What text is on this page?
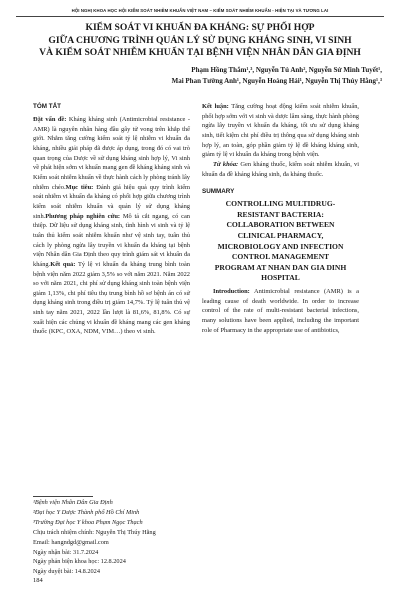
HỘI NGHỊ KHOA HỌC HỘI KIỂM SOÁT NHIỄM KHUẨN VIỆT NAM – KIỂM SOÁT NHIỄM KHUẨN - HIỆN TẠI VÀ TƯƠNG LAI
KIỂM SOÁT VI KHUẨN ĐA KHÁNG: SỰ PHỐI HỢP
GIỮA CHƯƠNG TRÌNH QUẢN LÝ SỬ DỤNG KHÁNG SINH, VI SINH
VÀ KIỂM SOÁT NHIỄM KHUẨN TẠI BỆNH VIỆN NHÂN DÂN GIA ĐỊNH
Phạm Hồng Thắm¹,³, Nguyễn Tú Anh², Nguyễn Sử Minh Tuyết¹,
Mai Phan Tường Anh¹, Nguyễn Hoàng Hải¹, Nguyễn Thị Thúy Hằng¹,³
TÓM TẮT

Đặt vấn đề: Kháng kháng sinh (Antimicrobial resistance - AMR) là nguyên nhân hàng đầu gây tử vong trên khắp thế giới. Nhằm tăng cường kiểm soát tỷ lệ nhiễm vi khuẩn đa kháng, nhiều giải pháp đã được áp dụng, trong đó có vai trò quan trọng của Dược về sử dụng kháng sinh hợp lý, Vi sinh về phát hiện sớm vi khuẩn mang gen đề kháng kháng sinh và Kiểm soát nhiễm khuẩn về thực hành cách ly phòng tránh lây nhiễm chéo.Mục tiêu: Đánh giá hiệu quả quy trình kiểm soát nhiễm vi khuẩn đa kháng có phối hợp giữa chương trình kiểm soát nhiễm khuẩn và quản lý sử dụng kháng sinh.Phương pháp nghiên cứu: Mô tả cắt ngang, có can thiệp. Dữ liệu sử dụng kháng sinh, tình hình vi sinh và tỷ lệ tuân thủ kiểm soát nhiễm khuẩn như vệ sinh tay, tuân thủ cách ly phòng ngừa lây truyền vi khuẩn đa kháng tại bệnh viện Nhân dân Gia Định theo quy trình giám sát vi khuẩn đa kháng.Kết quả: Tỷ lệ vi khuẩn đa kháng trung bình toàn bệnh viện năm 2022 giảm 3,5% so với năm 2021. Năm 2022 so với năm 2021, chi phí sử dụng kháng sinh toàn bệnh viện giảm 1,13%, chi phí tiêu thụ trung bình hồ sơ bệnh án có sử dụng kháng sinh trong điều trị giảm 14,7%. Tỷ lệ tuân thủ vệ sinh tay năm 2021, 2022 lần lượt là 81,6%, 81,8%. Có sự xuất hiện các chủng vi khuẩn đề kháng mang các gen kháng thuốc (KPC, OXA, NDM, VIM…) theo vi sinh.

Kết luận: Tăng cường hoạt động kiểm soát nhiễm khuẩn, phối hợp sớm với vi sinh và dược lâm sàng, thực hành phòng ngừa lây truyền vi khuẩn đa kháng, tối ưu sử dụng kháng sinh, tiết kiệm chi phí điều trị thông qua sử dụng kháng sinh hợp lý, an toàn, góp phần giảm tỷ lệ đề kháng kháng sinh, giảm tỷ lệ vi khuẩn đa kháng trong bệnh viện.

Từ khóa: Gen kháng thuốc, kiểm soát nhiễm khuẩn, vi khuẩn đa đề kháng kháng sinh, đa kháng thuốc.

SUMMARY
CONTROLLING MULTIDRUG-
RESISTANT BACTERIA:
COLLABORATION BETWEEN
CLINICAL PHARMACY,
MICROBIOLOGY AND INFECTION
CONTROL MANAGEMENT
PROGRAM AT NHAN DAN GIA DINH
HOSPITAL

Introduction: Antimicrobial resistance (AMR) is a leading cause of death worldwide. In order to increase control of the rate of multi-resistant bacterial infections, many solutions have been applied, including the important role of Pharmacy in the appropriate use of antibiotics,

¹Bệnh viện Nhân Dân Gia Định
²Đại học Y Dược Thành phố Hồ Chí Minh
³Trường Đại học Y khoa Phạm Ngọc Thạch
Chịu trách nhiệm chính: Nguyễn Thị Thúy Hằng
Email: hangndgd@gmail.com
Ngày nhận bài: 31.7.2024
Ngày phản biện khoa học: 12.8.2024
Ngày duyệt bài: 14.8.2024
184
